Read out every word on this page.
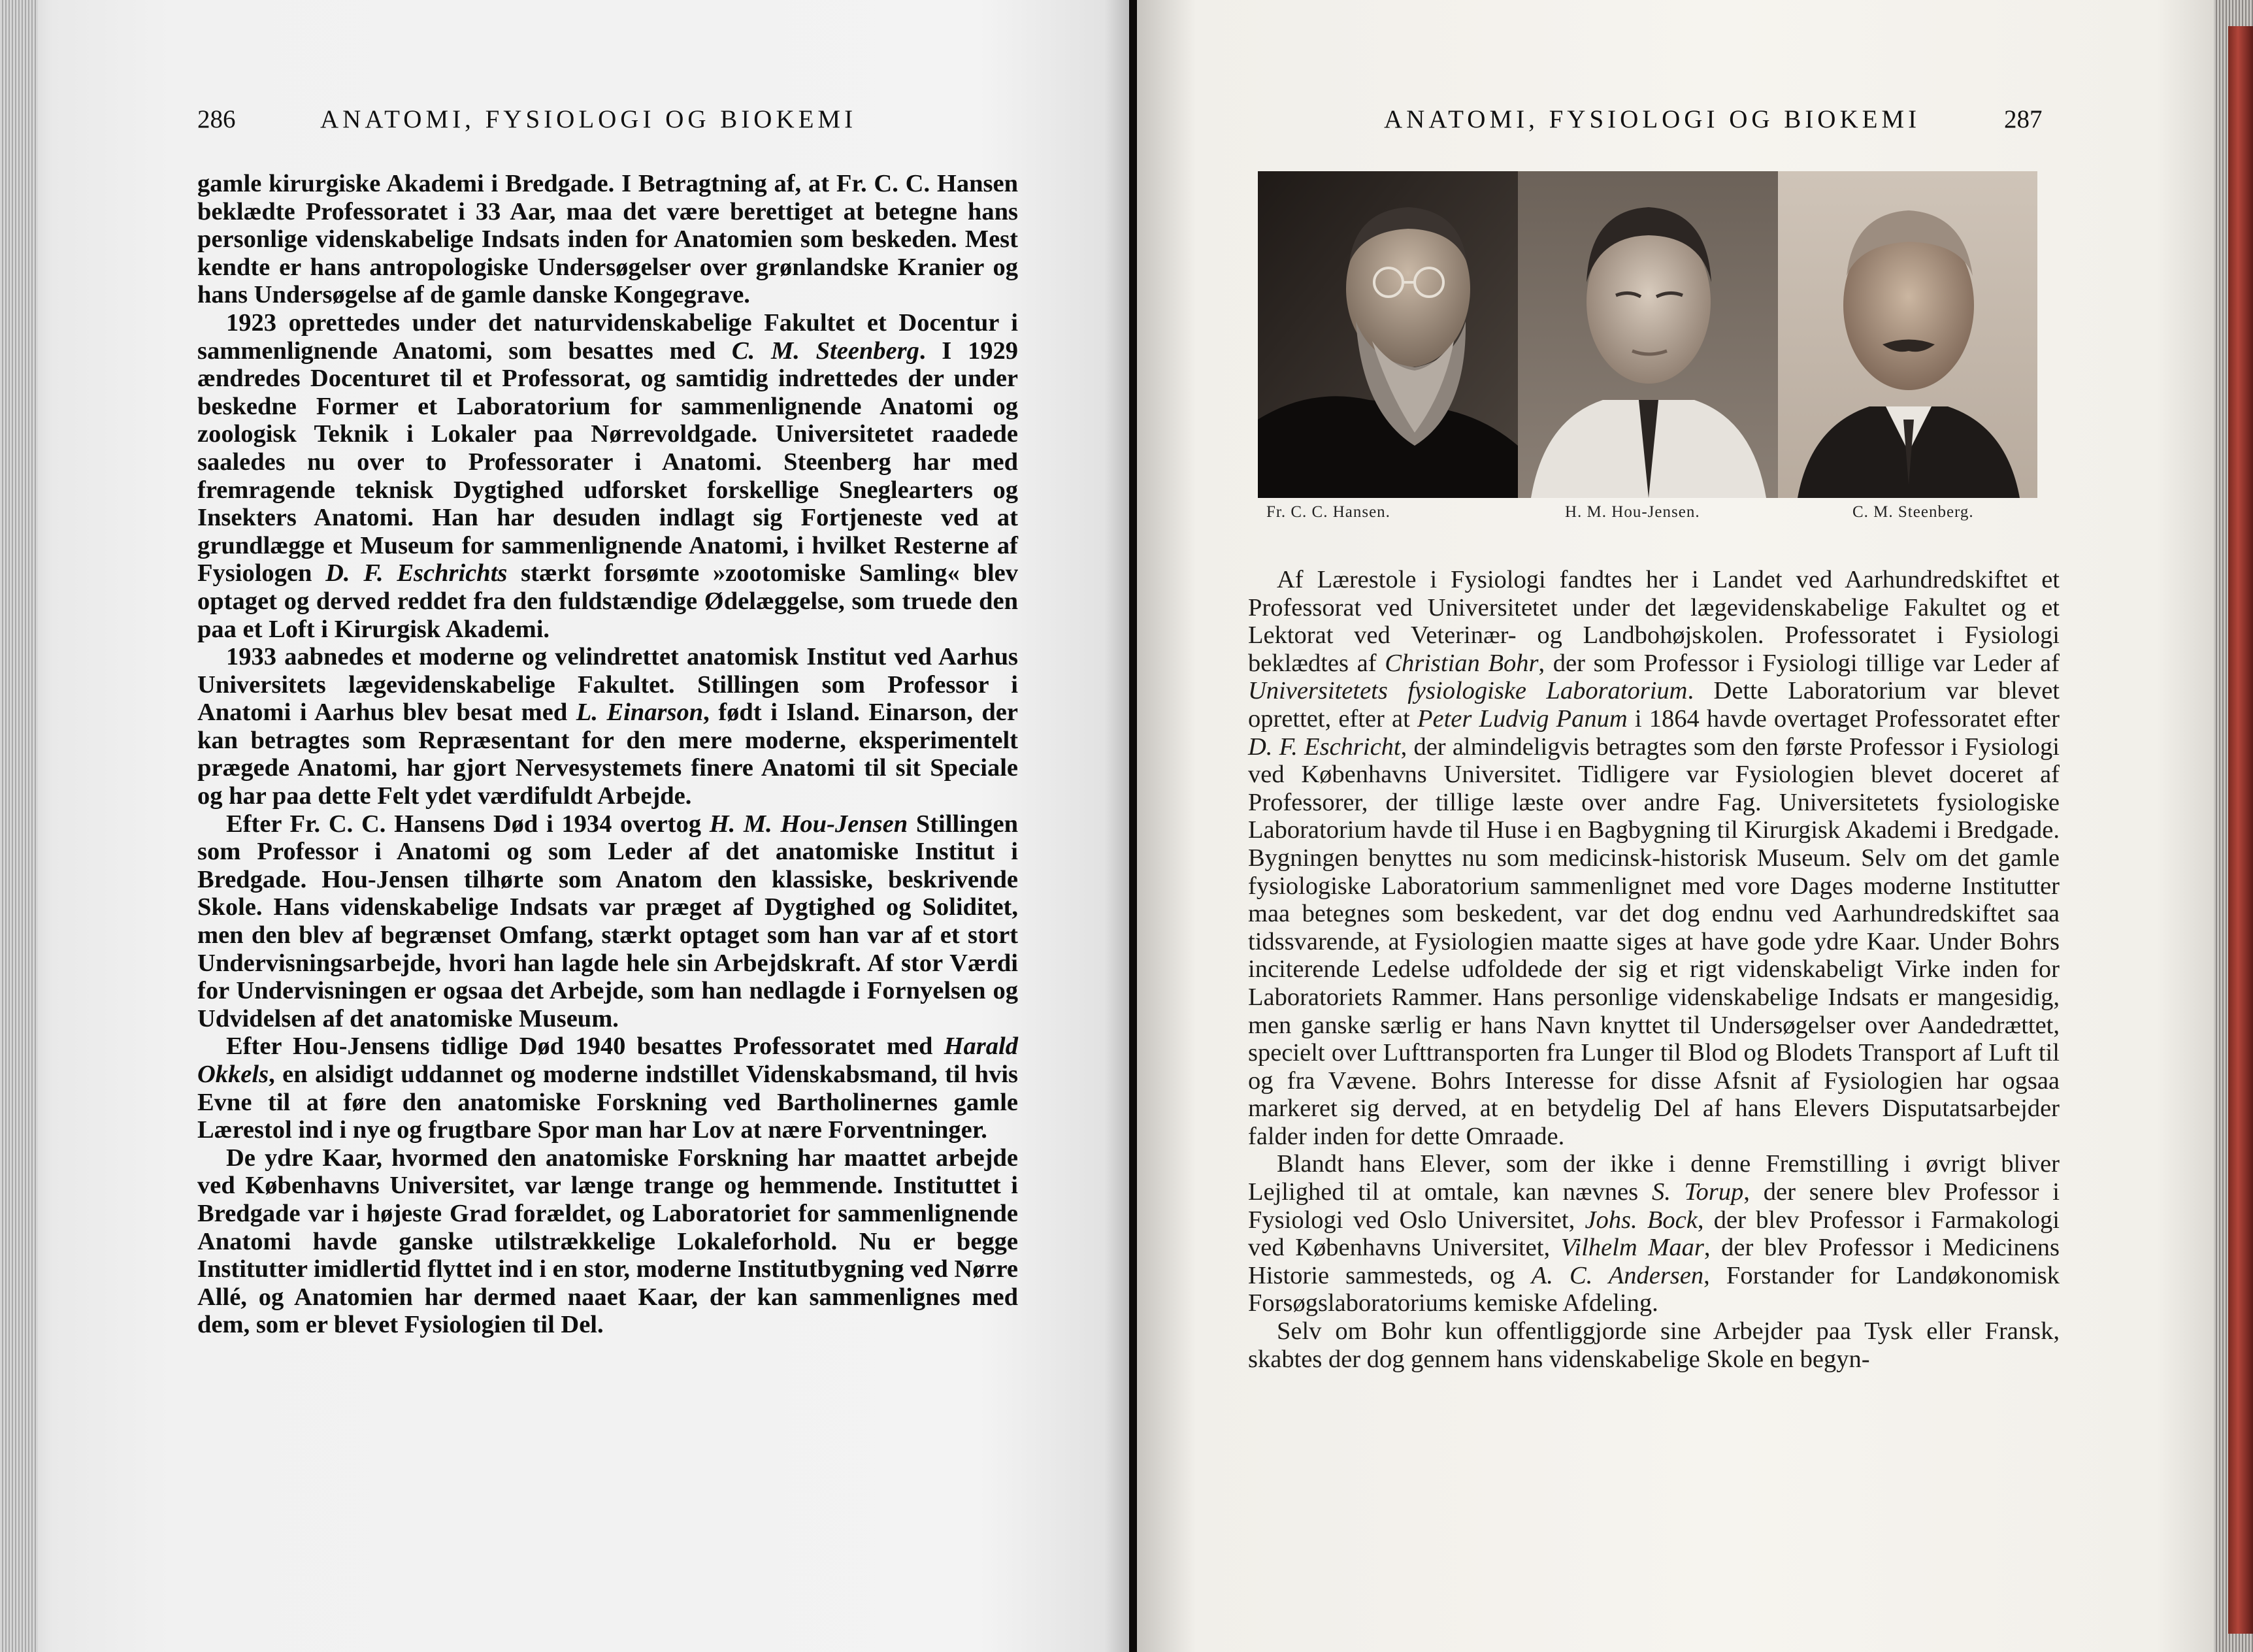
286	ANATOMI, FYSIOLOGI OG BIOKEMI

gamle kirurgiske Akademi i Bredgade. I Betragtning af, at Fr. C. C. Hansen beklædte Professoratet i 33 Aar, maa det være berettiget at betegne hans personlige videnskabelige Indsats inden for Anatomien som beskeden. Mest kendte er hans antropologiske Undersøgelser over grønlandske Kranier og hans Undersøgelse af de gamle danske Kongegrave.

1923 oprettedes under det naturvidenskabelige Fakultet et Docentur i sammenlignende Anatomi, som besattes med C. M. Steenberg. I 1929 ændredes Docenturet til et Professorat, og samtidig indrettedes der under beskedne Former et Laboratorium for sammenlignende Anatomi og zoologisk Teknik i Lokaler paa Nørrevoldgade. Universitetet raadede saaledes nu over to Professorater i Anatomi. Steenberg har med fremragende teknisk Dygtighed udforsket forskellige Sneglearters og Insekters Anatomi. Han har desuden indlagt sig Fortjeneste ved at grundlægge et Museum for sammenlignende Anatomi, i hvilket Resterne af Fysiologen D. F. Eschrichts stærkt forsømte »zootomiske Samling« blev optaget og derved reddet fra den fuldstændige Ødelæggelse, som truede den paa et Loft i Kirurgisk Akademi.

1933 aabnedes et moderne og velindrettet anatomisk Institut ved Aarhus Universitets lægevidenskabelige Fakultet. Stillingen som Professor i Anatomi i Aarhus blev besat med L. Einarson, født i Island. Einarson, der kan betragtes som Repræsentant for den mere moderne, eksperimentelt prægede Anatomi, har gjort Nervesystemets finere Anatomi til sit Speciale og har paa dette Felt ydet værdifuldt Arbejde.

Efter Fr. C. C. Hansens Død i 1934 overtog H. M. Hou-Jensen Stillingen som Professor i Anatomi og som Leder af det anatomiske Institut i Bredgade. Hou-Jensen tilhørte som Anatom den klassiske, beskrivende Skole. Hans videnskabelige Indsats var præget af Dygtighed og Soliditet, men den blev af begrænset Omfang, stærkt optaget som han var af et stort Undervisningsarbejde, hvori han lagde hele sin Arbejdskraft. Af stor Værdi for Undervisningen er ogsaa det Arbejde, som han nedlagde i Fornyelsen og Udvidelsen af det anatomiske Museum.

Efter Hou-Jensens tidlige Død 1940 besattes Professoratet med Harald Okkels, en alsidigt uddannet og moderne indstillet Videnskabsmand, til hvis Evne til at føre den anatomiske Forskning ved Bartholinernes gamle Lærestol ind i nye og frugtbare Spor man har Lov at nære Forventninger.

De ydre Kaar, hvormed den anatomiske Forskning har maattet arbejde ved Københavns Universitet, var længe trange og hemmende. Instituttet i Bredgade var i højeste Grad forældet, og Laboratoriet for sammenlignende Anatomi havde ganske utilstrækkelige Lokaleforhold. Nu er begge Institutter imidlertid flyttet ind i en stor, moderne Institutbygning ved Nørre Allé, og Anatomien har dermed naaet Kaar, der kan sammenlignes med dem, som er blevet Fysiologien til Del.

ANATOMI, FYSIOLOGI OG BIOKEMI	287
Fr. C. C. Hansen.	H. M. Hou-Jensen.	C. M. Steenberg.

Af Lærestole i Fysiologi fandtes her i Landet ved Aarhundredskiftet et Professorat ved Universitetet under det lægevidenskabelige Fakultet og et Lektorat ved Veterinær- og Landbohøjskolen. Professoratet i Fysiologi beklædtes af Christian Bohr, der som Professor i Fysiologi tillige var Leder af Universitetets fysiologiske Laboratorium. Dette Laboratorium var blevet oprettet, efter at Peter Ludvig Panum i 1864 havde overtaget Professoratet efter D. F. Eschricht, der almindeligvis betragtes som den første Professor i Fysiologi ved Københavns Universitet. Tidligere var Fysiologien blevet doceret af Professorer, der tillige læste over andre Fag. Universitetets fysiologiske Laboratorium havde til Huse i en Bagbygning til Kirurgisk Akademi i Bredgade. Bygningen benyttes nu som medicinsk-historisk Museum. Selv om det gamle fysiologiske Laboratorium sammenlignet med vore Dages moderne Institutter maa betegnes som beskedent, var det dog endnu ved Aarhundredskiftet saa tidssvarende, at Fysiologien maatte siges at have gode ydre Kaar. Under Bohrs inciterende Ledelse udfoldede der sig et rigt videnskabeligt Virke inden for Laboratoriets Rammer. Hans personlige videnskabelige Indsats er mangesidig, men ganske særlig er hans Navn knyttet til Undersøgelser over Aandedrættet, specielt over Lufttransporten fra Lunger til Blod og Blodets Transport af Luft til og fra Vævene. Bohrs Interesse for disse Afsnit af Fysiologien har ogsaa markeret sig derved, at en betydelig Del af hans Elevers Disputatsarbejder falder inden for dette Omraade.

Blandt hans Elever, som der ikke i denne Fremstilling i øvrigt bliver Lejlighed til at omtale, kan nævnes S. Torup, der senere blev Professor i Fysiologi ved Oslo Universitet, Johs. Bock, der blev Professor i Farmakologi ved Københavns Universitet, Vilhelm Maar, der blev Professor i Medicinens Historie sammesteds, og A. C. Andersen, Forstander for Landøkonomisk Forsøgslaboratoriums kemiske Afdeling.

Selv om Bohr kun offentliggjorde sine Arbejder paa Tysk eller Fransk, skabtes der dog gennem hans videnskabelige Skole en begyn-
